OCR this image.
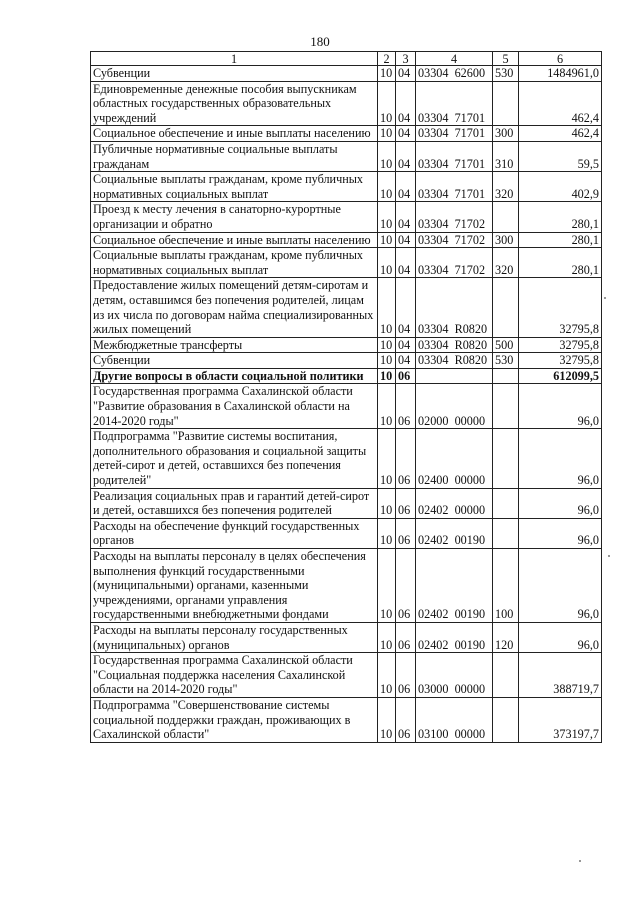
180
1	2	3	4	5	6
Субвенции	10	04	03304  62600	530	1484961,0
Единовременные денежные пособия выпускникам областных государственных образовательных учреждений	10	04	03304  71701		462,4
Социальное обеспечение и иные выплаты населению	10	04	03304  71701	300	462,4
Публичные нормативные социальные выплаты гражданам	10	04	03304  71701	310	59,5
Социальные выплаты гражданам, кроме публичных нормативных социальных выплат	10	04	03304  71701	320	402,9
Проезд к месту лечения в санаторно-курортные организации и обратно	10	04	03304  71702		280,1
Социальное обеспечение и иные выплаты населению	10	04	03304  71702	300	280,1
Социальные выплаты гражданам, кроме публичных нормативных социальных выплат	10	04	03304  71702	320	280,1
Предоставление жилых помещений детям-сиротам и детям, оставшимся без попечения родителей, лицам из их числа по договорам найма специализированных жилых помещений	10	04	03304  R0820		32795,8
Межбюджетные трансферты	10	04	03304  R0820	500	32795,8
Субвенции	10	04	03304  R0820	530	32795,8
Другие вопросы в области социальной политики	10	06			612099,5
Государственная программа Сахалинской области "Развитие образования в Сахалинской области на 2014-2020 годы"	10	06	02000  00000		96,0
Подпрограмма "Развитие системы воспитания, дополнительного образования и социальной защиты детей-сирот и детей, оставшихся без попечения родителей"	10	06	02400  00000		96,0
Реализация социальных прав и гарантий детей-сирот и детей, оставшихся без попечения родителей	10	06	02402  00000		96,0
Расходы на обеспечение функций государственных органов	10	06	02402  00190		96,0
Расходы на выплаты персоналу в целях обеспечения выполнения функций государственными (муниципальными) органами, казенными учреждениями, органами управления государственными внебюджетными фондами	10	06	02402  00190	100	96,0
Расходы на выплаты персоналу государственных (муниципальных) органов	10	06	02402  00190	120	96,0
Государственная программа Сахалинской области "Социальная поддержка населения Сахалинской области на 2014-2020 годы"	10	06	03000  00000		388719,7
Подпрограмма "Совершенствование системы социальной поддержки граждан, проживающих в Сахалинской области"	10	06	03100  00000		373197,7
